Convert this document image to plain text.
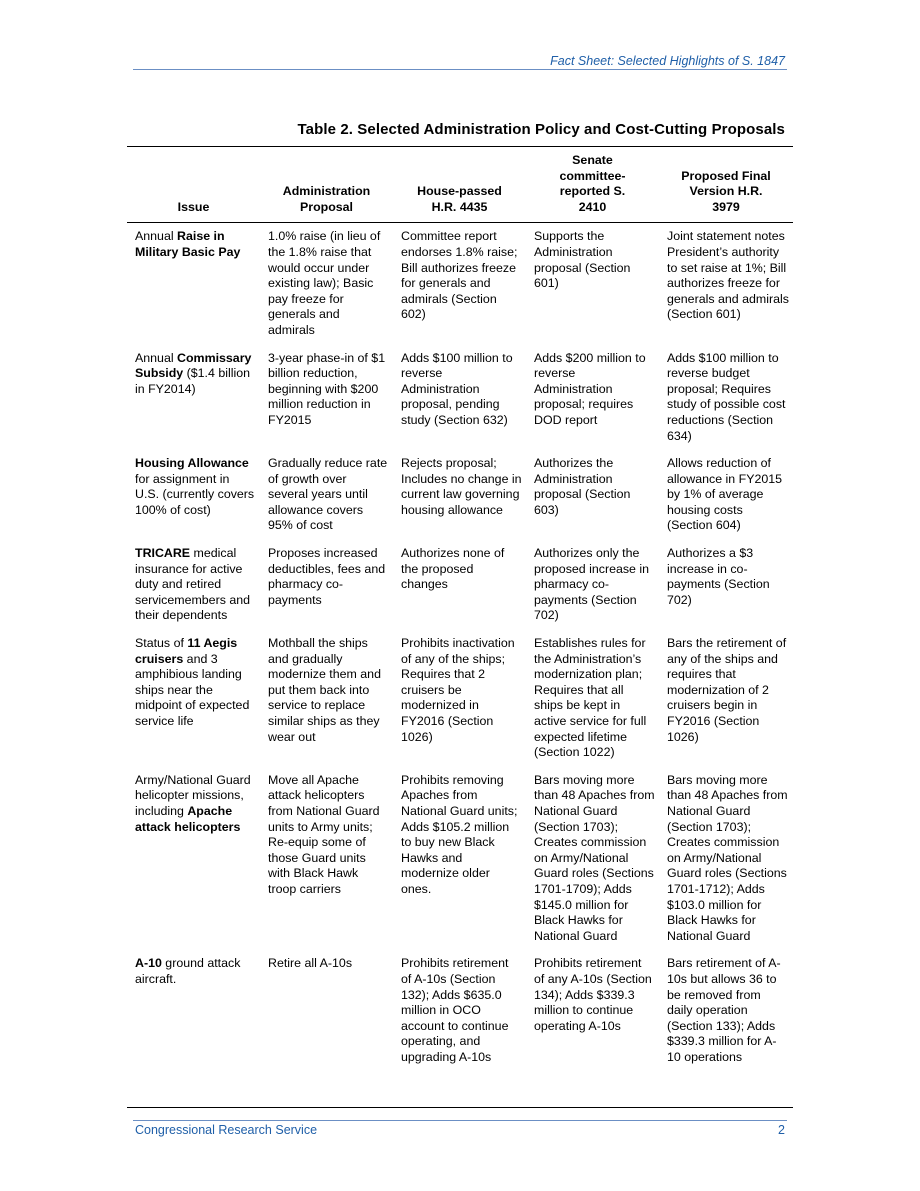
Fact Sheet: Selected Highlights of S. 1847
Table 2. Selected Administration Policy and Cost-Cutting Proposals
Issue	Administration Proposal	House-passed H.R. 4435	Senate committee-reported S. 2410	Proposed Final Version H.R. 3979
Annual Raise in Military Basic Pay	1.0% raise (in lieu of the 1.8% raise that would occur under existing law); Basic pay freeze for generals and admirals	Committee report endorses 1.8% raise; Bill authorizes freeze for generals and admirals (Section 602)	Supports the Administration proposal (Section 601)	Joint statement notes President’s authority to set raise at 1%; Bill authorizes freeze for generals and admirals (Section 601)

Annual Commissary Subsidy ($1.4 billion in FY2014)	3-year phase-in of $1 billion reduction, beginning with $200 million reduction in FY2015	Adds $100 million to reverse Administration proposal, pending study (Section 632)	Adds $200 million to reverse Administration proposal; requires DOD report	Adds $100 million to reverse budget proposal; Requires study of possible cost reductions (Section 634)

Housing Allowance for assignment in U.S. (currently covers 100% of cost)	Gradually reduce rate of growth over several years until allowance covers 95% of cost	Rejects proposal; Includes no change in current law governing housing allowance	Authorizes the Administration proposal (Section 603)	Allows reduction of allowance in FY2015 by 1% of average housing costs (Section 604)

TRICARE medical insurance for active duty and retired servicemembers and their dependents	Proposes increased deductibles, fees and pharmacy co-payments	Authorizes none of the proposed changes	Authorizes only the proposed increase in pharmacy co-payments (Section 702)	Authorizes a $3 increase in co-payments (Section 702)

Status of 11 Aegis cruisers and 3 amphibious landing ships near the midpoint of expected service life	Mothball the ships and gradually modernize them and put them back into service to replace similar ships as they wear out	Prohibits inactivation of any of the ships; Requires that 2 cruisers be modernized in FY2016 (Section 1026)	Establishes rules for the Administration’s modernization plan; Requires that all ships be kept in active service for full expected lifetime (Section 1022)	Bars the retirement of any of the ships and requires that modernization of 2 cruisers begin in FY2016 (Section 1026)

Army/National Guard helicopter missions, including Apache attack helicopters	Move all Apache attack helicopters from National Guard units to Army units; Re-equip some of those Guard units with Black Hawk troop carriers	Prohibits removing Apaches from National Guard units; Adds $105.2 million to buy new Black Hawks and modernize older ones.	Bars moving more than 48 Apaches from National Guard (Section 1703); Creates commission on Army/National Guard roles (Sections 1701-1709); Adds $145.0 million for Black Hawks for National Guard	Bars moving more than 48 Apaches from National Guard (Section 1703); Creates commission on Army/National Guard roles (Sections 1701-1712); Adds $103.0 million for Black Hawks for National Guard

A-10 ground attack aircraft.	Retire all A-10s	Prohibits retirement of A-10s (Section 132); Adds $635.0 million in OCO account to continue operating, and upgrading A-10s	Prohibits retirement of any A-10s (Section 134); Adds $339.3 million to continue operating A-10s	Bars retirement of A-10s but allows 36 to be removed from daily operation (Section 133); Adds $339.3 million for A-10 operations
Congressional Research Service	2
